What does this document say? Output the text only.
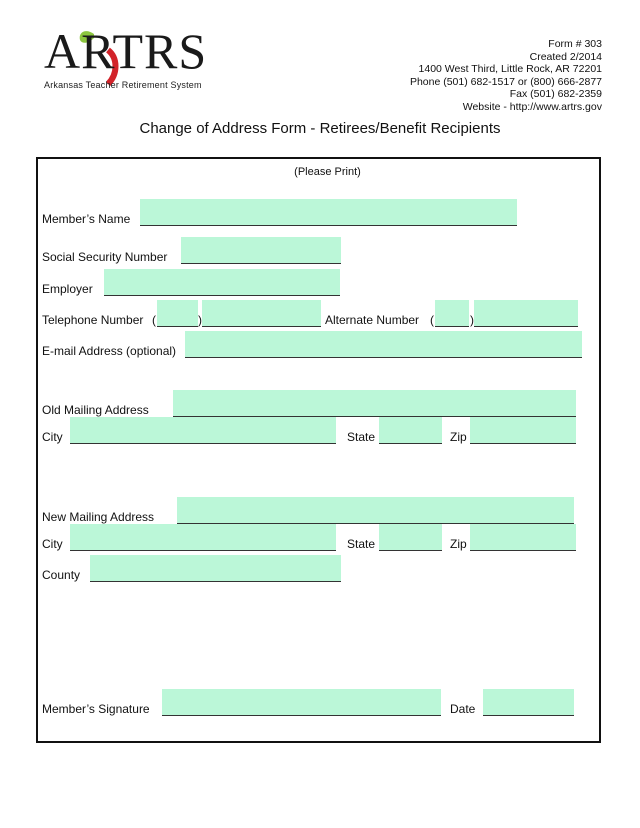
ARTRS
Arkansas Teacher Retirement System
Form # 303
Created 2/2014
1400 West Third, Little Rock, AR 72201
Phone (501) 682-1517 or (800) 666-2877
Fax (501) 682-2359
Website - http://www.artrs.gov
Change of Address Form - Retirees/Benefit Recipients
(Please Print)
Member’s Name
Social Security Number
Employer
Telephone Number (	)	Alternate Number (	)
E-mail Address (optional)
Old Mailing Address
City	State	Zip
New Mailing Address
City	State	Zip
County
Member’s Signature	Date
